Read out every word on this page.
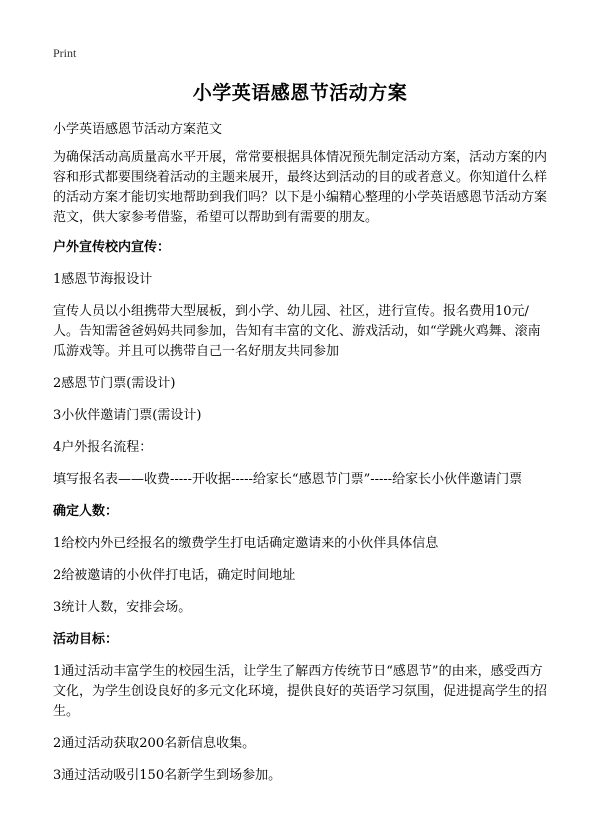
Print
小学英语感恩节活动方案

小学英语感恩节活动方案范文

为确保活动高质量高水平开展，常常要根据具体情况预先制定活动方案，活动方案的内容和形式都要围绕着活动的主题来展开，最终达到活动的目的或者意义。你知道什么样的活动方案才能切实地帮助到我们吗？以下是小编精心整理的小学英语感恩节活动方案范文，供大家参考借鉴，希望可以帮助到有需要的朋友。

户外宣传校内宣传：

1感恩节海报设计

宣传人员以小组携带大型展板，到小学、幼儿园、社区，进行宣传。报名费用10元/人。告知需爸爸妈妈共同参加，告知有丰富的文化、游戏活动，如“学跳火鸡舞、滚南瓜游戏等。并且可以携带自己一名好朋友共同参加

2感恩节门票(需设计)

3小伙伴邀请门票(需设计)

4户外报名流程：

填写报名表——收费-----开收据-----给家长“感恩节门票”-----给家长小伙伴邀请门票

确定人数：

1给校内外已经报名的缴费学生打电话确定邀请来的小伙伴具体信息

2给被邀请的小伙伴打电话，确定时间地址

3统计人数，安排会场。

活动目标：

1通过活动丰富学生的校园生活，让学生了解西方传统节日“感恩节”的由来，感受西方文化，为学生创设良好的多元文化环境，提供良好的英语学习氛围，促进提高学生的招生。

2通过活动获取200名新信息收集。

3通过活动吸引150名新学生到场参加。
